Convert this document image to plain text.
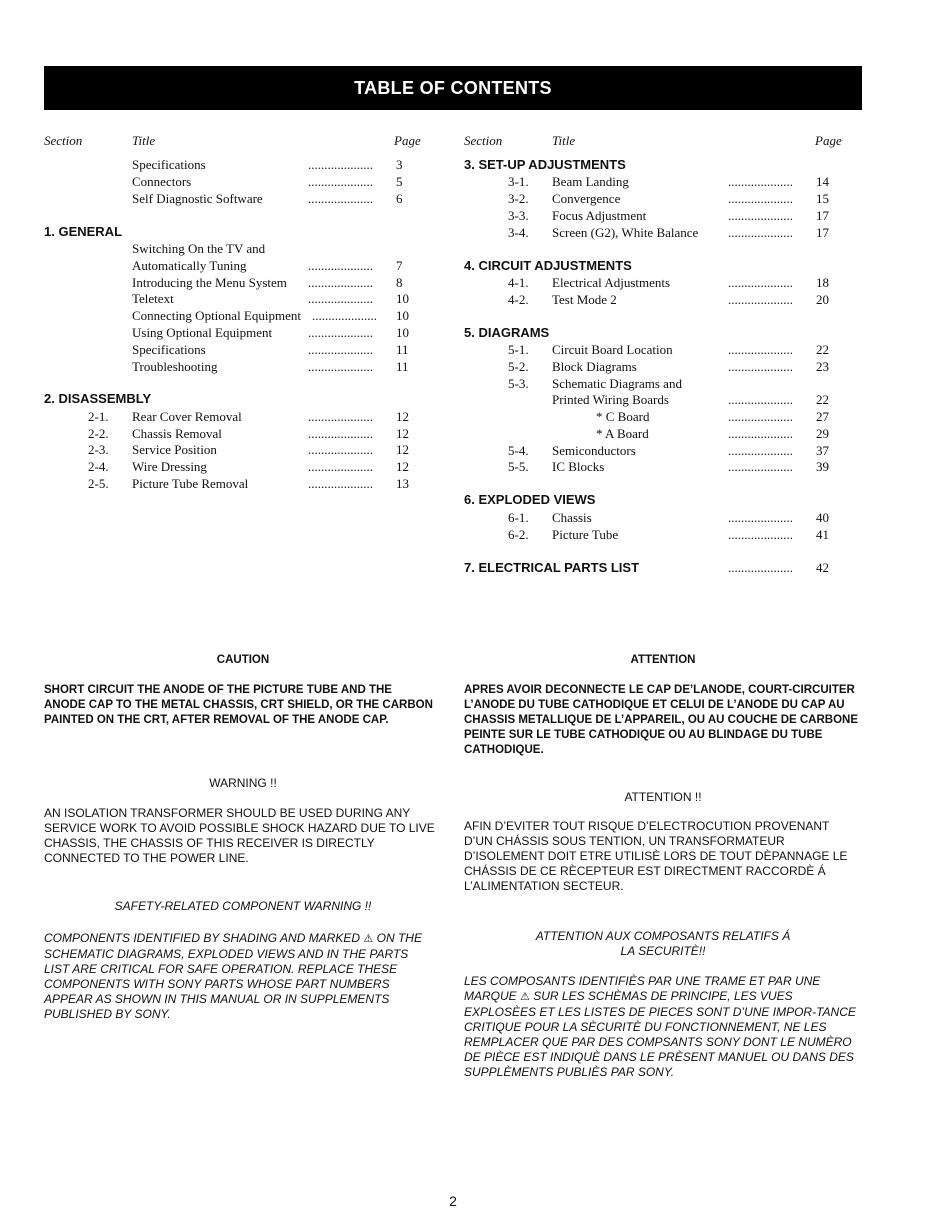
TABLE OF CONTENTS
Section	Title	Page	Section	Title	Page
Specifications	.................... 3
Connectors	.................... 5
Self Diagnostic Software	.................... 6
1. GENERAL
Switching On the TV and
Automatically Tuning	.................... 7
Introducing the Menu System .................... 8
Teletext	.................... 10
Connecting Optional Equipment .................... 10
Using Optional Equipment	.................... 10
Specifications	.................... 11
Troubleshooting	.................... 11
2. DISASSEMBLY
2-1. Rear Cover Removal	.................... 12
2-2. Chassis Removal	.................... 12
2-3. Service Position	.................... 12
2-4. Wire Dressing	.................... 12
2-5. Picture Tube Removal	.................... 13
3. SET-UP ADJUSTMENTS
3-1. Beam Landing	.................... 14
3-2. Convergence	.................... 15
3-3. Focus Adjustment	.................... 17
3-4. Screen (G2), White Balance .................... 17
4. CIRCUIT ADJUSTMENTS
4-1. Electrical Adjustments	.................... 18
4-2. Test Mode 2	.................... 20
5. DIAGRAMS
5-1. Circuit Board Location	.................... 22
5-2. Block Diagrams	.................... 23
5-3. Schematic Diagrams and
Printed Wiring Boards	.................... 22
* C Board	.................... 27
* A Board	.................... 29
5-4. Semiconductors	.................... 37
5-5. IC Blocks	.................... 39
6. EXPLODED VIEWS
6-1. Chassis	.................... 40
6-2. Picture Tube	.................... 41
7. ELECTRICAL PARTS LIST	.................... 42
CAUTION
SHORT CIRCUIT THE ANODE OF THE PICTURE TUBE AND THE ANODE CAP TO THE METAL CHASSIS, CRT SHIELD, OR THE CARBON PAINTED ON THE CRT, AFTER REMOVAL OF THE ANODE CAP.
WARNING !!
AN ISOLATION TRANSFORMER SHOULD BE USED DURING ANY SERVICE WORK TO AVOID POSSIBLE SHOCK HAZARD DUE TO LIVE CHASSIS, THE CHASSIS OF THIS RECEIVER IS DIRECTLY CONNECTED TO THE POWER LINE.
SAFETY-RELATED COMPONENT WARNING !!
COMPONENTS IDENTIFIED BY SHADING AND MARKED ⚠ ON THE SCHEMATIC DIAGRAMS, EXPLODED VIEWS AND IN THE PARTS LIST ARE CRITICAL FOR SAFE OPERATION. REPLACE THESE COMPONENTS WITH SONY PARTS WHOSE PART NUMBERS APPEAR AS SHOWN IN THIS MANUAL OR IN SUPPLEMENTS PUBLISHED BY SONY.
ATTENTION
APRES AVOIR DECONNECTE LE CAP DE’LANODE, COURT-CIRCUITER L’ANODE DU TUBE CATHODIQUE ET CELUI DE L’ANODE DU CAP AU CHASSIS METALLIQUE DE L’APPAREIL, OU AU COUCHE DE CARBONE PEINTE SUR LE TUBE CATHODIQUE OU AU BLINDAGE DU TUBE CATHODIQUE.
ATTENTION !!
AFIN D’EVITER TOUT RISQUE D’ELECTROCUTION PROVENANT D’UN CHÁSSIS SOUS TENTION, UN TRANSFORMATEUR D’ISOLEMENT DOIT ETRE UTILISÈ LORS DE TOUT DÈPANNAGE LE CHÁSSIS DE CE RÈCEPTEUR EST DIRECTMENT RACCORDÈ Á L’ALIMENTATION SECTEUR.
ATTENTION AUX COMPOSANTS RELATIFS Á
LA SECURITÈ!!
LES COMPOSANTS IDENTIFIÈS PAR UNE TRAME ET PAR UNE MARQUE ⚠ SUR LES SCHÈMAS DE PRINCIPE, LES VUES EXPLOSÈES ET LES LISTES DE PIECES SONT D’UNE IMPOR-TANCE CRITIQUE POUR LA SÈCURITÈ DU FONCTIONNEMENT, NE LES REMPLACER QUE PAR DES COMPSANTS SONY DONT LE NUMÈRO DE PIÈCE EST INDIQUÈ DANS LE PRÈSENT MANUEL OU DANS DES SUPPLÈMENTS PUBLIÈS PAR SONY.
2
